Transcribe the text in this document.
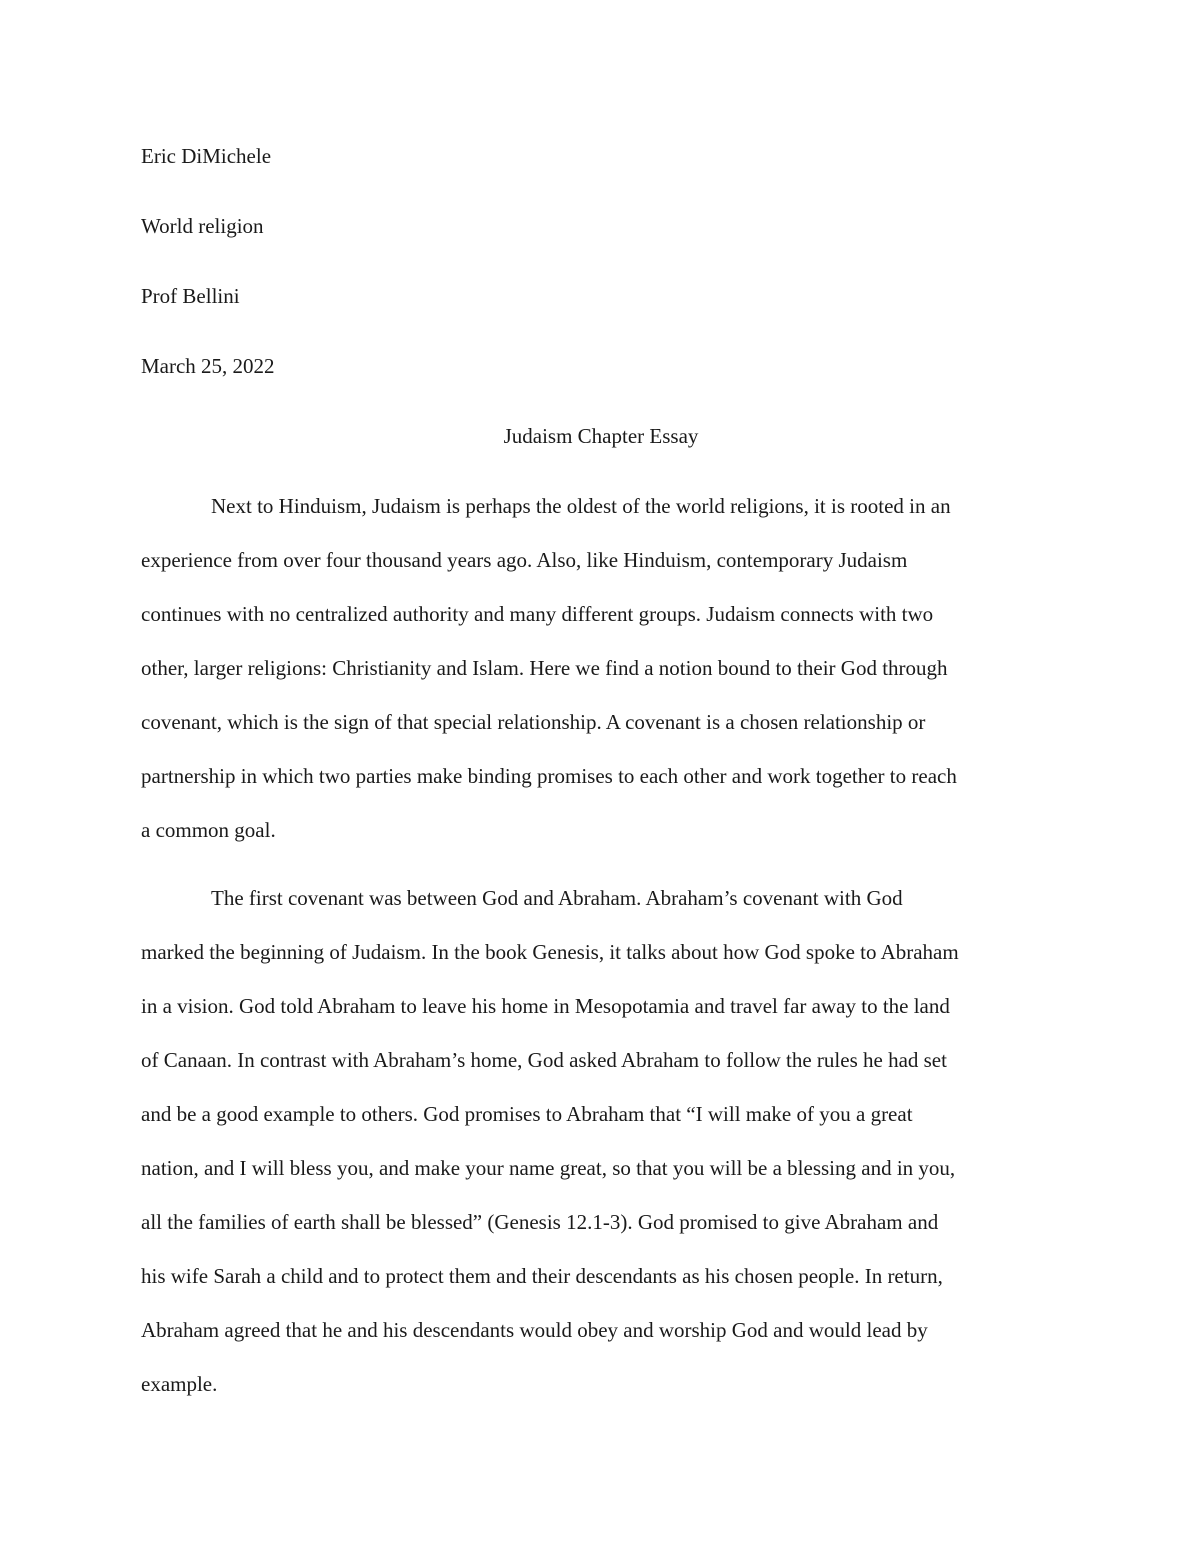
Eric DiMichele

World religion

Prof Bellini

March 25, 2022

Judaism Chapter Essay

Next to Hinduism, Judaism is perhaps the oldest of the world religions, it is rooted in an
experience from over four thousand years ago. Also, like Hinduism, contemporary Judaism
continues with no centralized authority and many different groups. Judaism connects with two
other, larger religions: Christianity and Islam. Here we find a notion bound to their God through
covenant, which is the sign of that special relationship. A covenant is a chosen relationship or
partnership in which two parties make binding promises to each other and work together to reach
a common goal.

The first covenant was between God and Abraham. Abraham’s covenant with God
marked the beginning of Judaism. In the book Genesis, it talks about how God spoke to Abraham
in a vision. God told Abraham to leave his home in Mesopotamia and travel far away to the land
of Canaan. In contrast with Abraham’s home, God asked Abraham to follow the rules he had set
and be a good example to others. God promises to Abraham that “I will make of you a great
nation, and I will bless you, and make your name great, so that you will be a blessing and in you,
all the families of earth shall be blessed” (Genesis 12.1-3). God promised to give Abraham and
his wife Sarah a child and to protect them and their descendants as his chosen people. In return,
Abraham agreed that he and his descendants would obey and worship God and would lead by
example.
